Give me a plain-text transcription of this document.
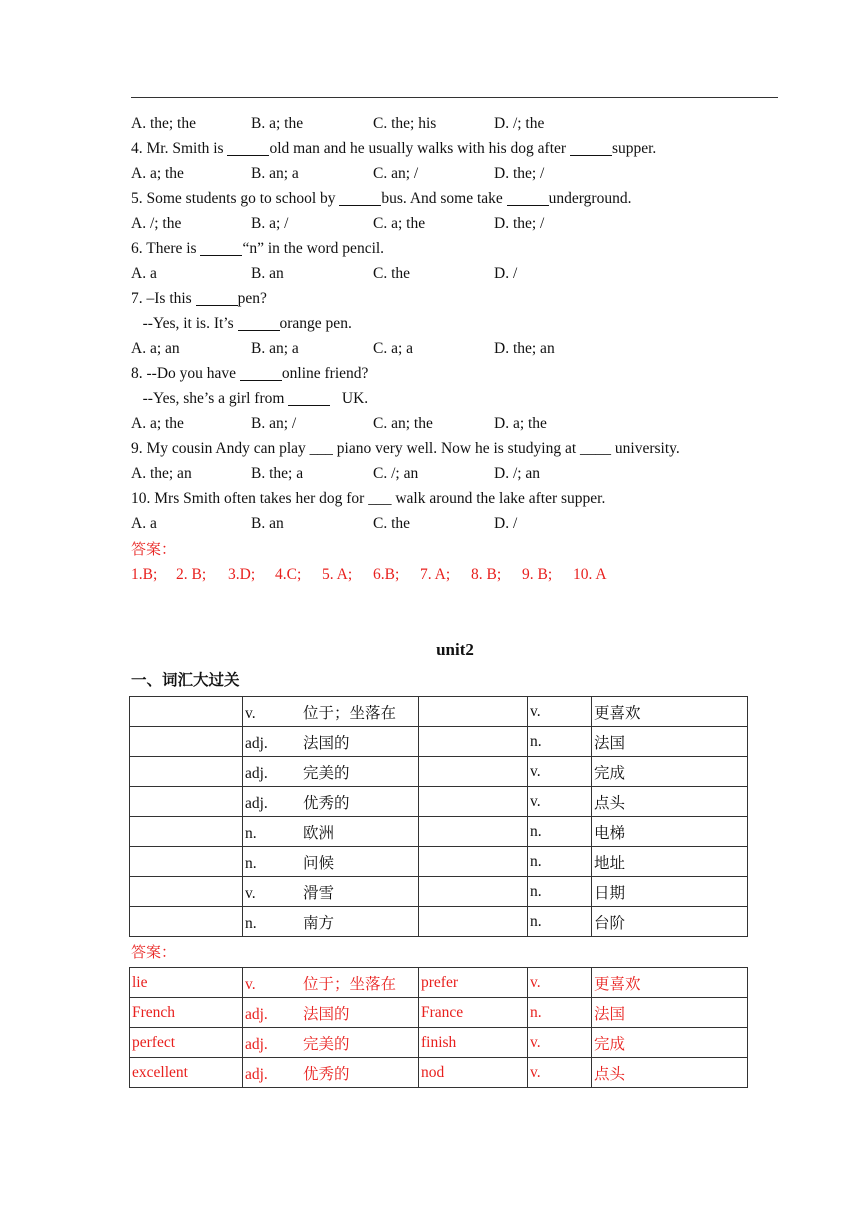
A. the; the

	B. a; the

	C. the; his

	D. /; the

4. Mr. Smith is	old man and he usually walks with his dog after	supper.

A. a; the

	B. an; a

	C. an; /

	D. the; /

5. Some students go to school by	bus. And some take	underground.

A. /; the

	B. a; /

	C. a; the

	D. the; /

6. There is	“n” in the word pencil.

A. a

	B. an

	C. the

	D. /

7. –Is this	pen?
--Yes, it is. It’s	orange pen.

A. a; an

	B. an; a

	C. a; a

	D. the; an

8. --Do you have	online friend?
--Yes, she’s a girl from	UK.

A. a; the

	B. an; /

	C. an; the

	D. a; the

9. My cousin Andy can play ___ piano very well. Now he is studying at ____ university.

A. the; an

	B. the; a

	C. /; an

	D. /; an

10. Mrs Smith often takes her dog for ___ walk around the lake after supper.

A. a

	B. an

	C. the

	D. /

答案：
1.B; 2. B; 3.D; 4.C; 5. A; 6.B; 7. A; 8. B; 9. B; 10. A
unit2
一、词汇大过关
	v. 位于；坐落在		v.	更喜欢
	adj. 法国的		n.	法国
	adj. 完美的		v.	完成
	adj. 优秀的		v.	点头
	n. 欧洲		n.	电梯
	n. 问候		n.	地址
	v. 滑雪		n.	日期
	n. 南方		n.	台阶
答案：
lie	v. 位于；坐落在	prefer	v.	更喜欢
French	adj. 法国的	France	n.	法国
perfect	adj. 完美的	finish	v.	完成
excellent	adj. 优秀的	nod	v.	点头
